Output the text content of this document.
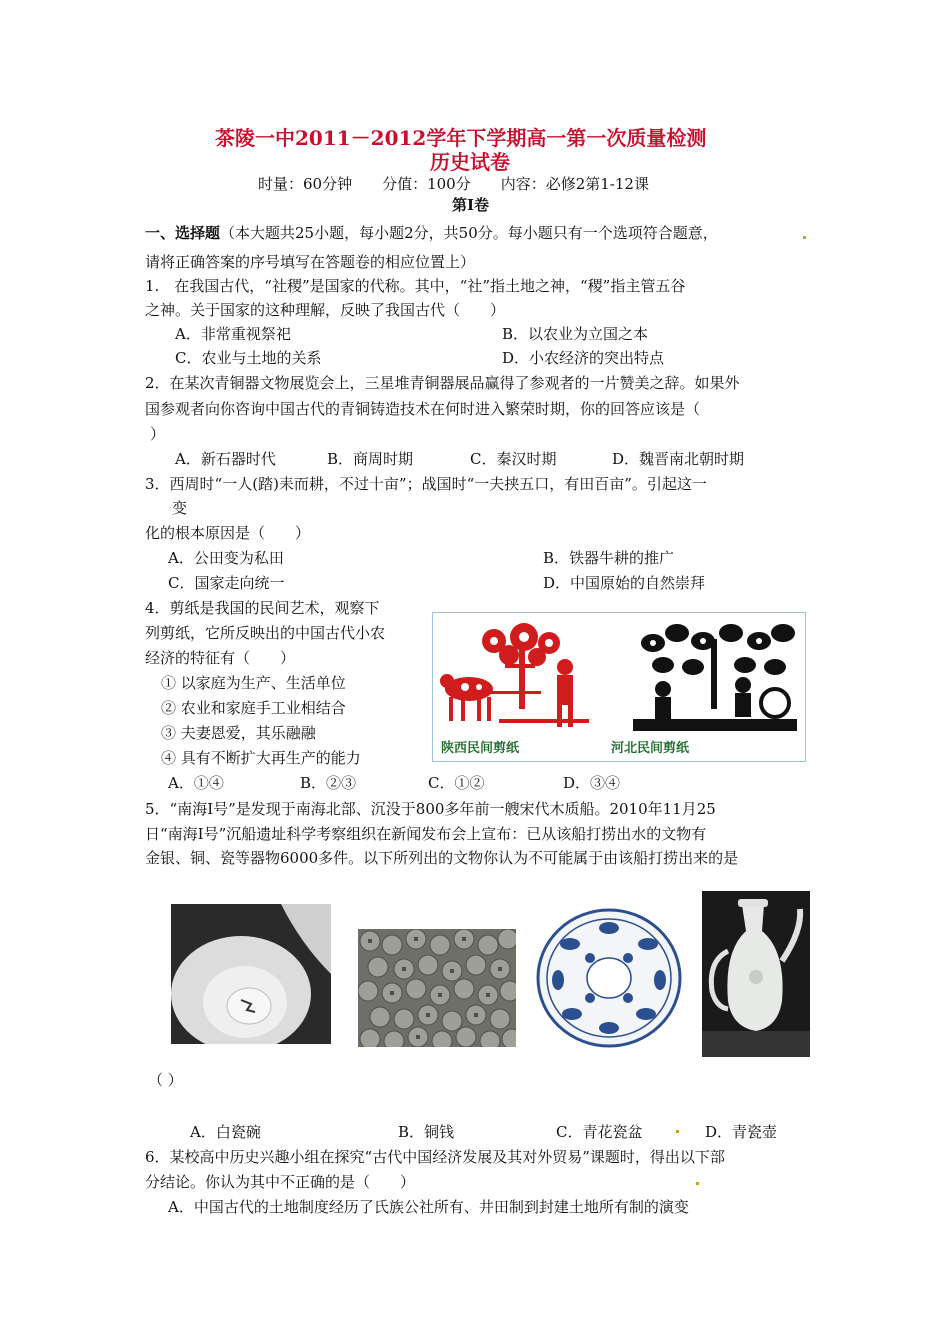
茶陵一中2011－2012学年下学期高一第一次质量检测
历史试卷
时量：60分钟　　分值：100分　　内容：必修2第1-12课
第Ⅰ卷
一、选择题（本大题共25小题，每小题2分，共50分。每小题只有一个选项符合题意，
请将正确答案的序号填写在答题卷的相应位置上）
1.　在我国古代，“社稷”是国家的代称。其中，“社”指土地之神，“稷”指主管五谷
之神。关于国家的这种理解，反映了我国古代（　　）
A．非常重视祭祀	B．以农业为立国之本
C．农业与土地的关系	D．小农经济的突出特点
2．在某次青铜器文物展览会上，三星堆青铜器展品赢得了参观者的一片赞美之辞。如果外
国参观者向你咨询中国古代的青铜铸造技术在何时进入繁荣时期，你的回答应该是（
）
A．新石器时代	B．商周时期	C．秦汉时期	D．魏晋南北朝时期
3．西周时“一人(踏)耒而耕，不过十亩”；战国时“一夫挟五口，有田百亩”。引起这一
变
化的根本原因是（　　）
A．公田变为私田	B．铁器牛耕的推广
C．国家走向统一	D．中国原始的自然崇拜
4．剪纸是我国的民间艺术，观察下
列剪纸，它所反映出的中国古代小农
经济的特征有（　　）
① 以家庭为生产、生活单位
② 农业和家庭手工业相结合
③ 夫妻恩爱，其乐融融
④ 具有不断扩大再生产的能力
A．①④	B．②③	C．①②	D．③④
陕西民间剪纸	河北民间剪纸
5．“南海Ⅰ号”是发现于南海北部、沉没于800多年前一艘宋代木质船。2010年11月25
日“南海Ⅰ号”沉船遗址科学考察组织在新闻发布会上宣布：已从该船打捞出水的文物有
金银、铜、瓷等器物6000多件。以下所列出的文物你认为不可能属于由该船打捞出来的是
（ ）
A．白瓷碗	B．铜钱	C．青花瓷盆	D．青瓷壶
6．某校高中历史兴趣小组在探究“古代中国经济发展及其对外贸易”课题时，得出以下部
分结论。你认为其中不正确的是（　　）
A．中国古代的土地制度经历了氏族公社所有、井田制到封建土地所有制的演变
